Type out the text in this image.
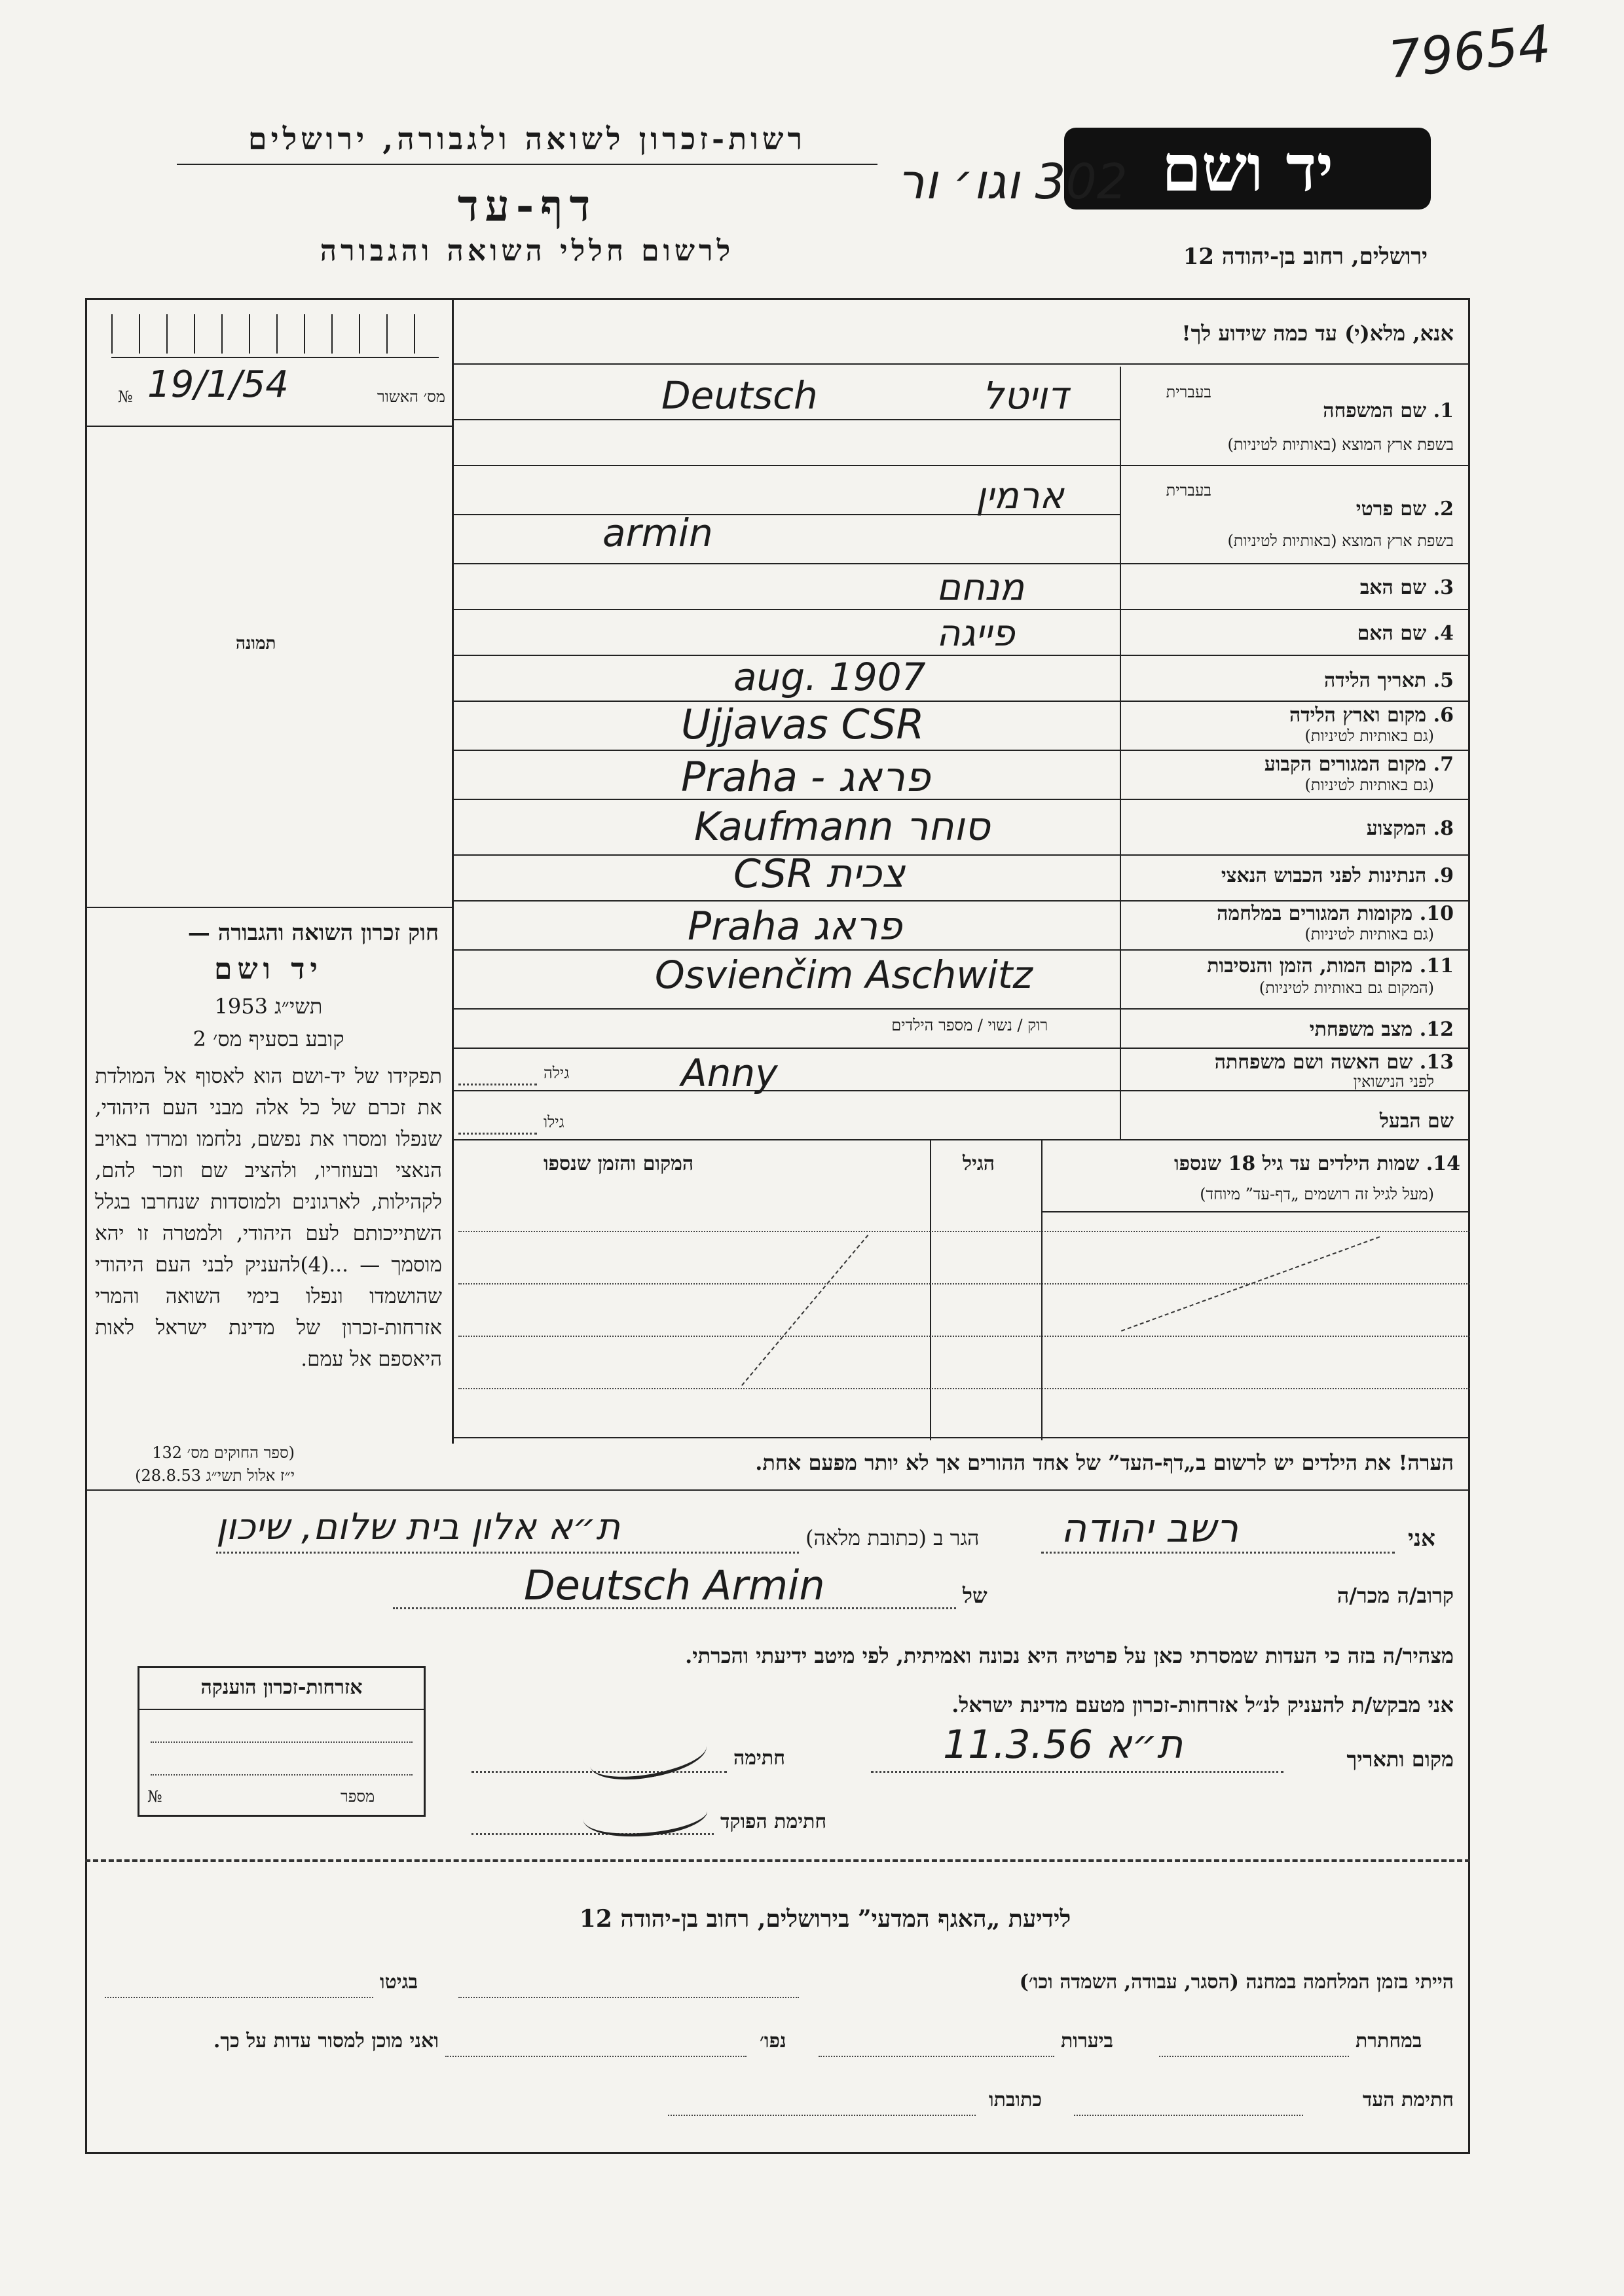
79654
יד ושם
302 וגו׳ ור
רשות-זכרון לשואה ולגבורה, ירושלים
דף-עד
לרשום חללי השואה והגבורה	ירושלים, רחוב בן-יהודה 12
אנא, מלא(י) עד כמה שידוע לך!
מס׳ האשור
№ 19/1/54
תמונה
בעברית
1. שם המשפחה
בשפת ארץ המוצא (באותיות לטיניות)
דויטל
Deutsch
בעברית
2. שם פרטי
בשפת ארץ המוצא (באותיות לטיניות)
ארמין
armin
3. שם האב
מנחם
4. שם האם
פייגה
5. תאריך הלידה
aug. 1907
6. מקום וארץ הלידה
(גם באותיות לטיניות)
Ujjavas CSR
7. מקום המגורים הקבוע
(גם באותיות לטיניות)
Praha - פראג
8. המקצוע
Kaufmann סוחר
9. הנתינות לפני הכבוש הנאצי
CSR צכית
10. מקומות המגורים במלחמה
(גם באותיות לטיניות)
Praha פראג
11. מקום המות, הזמן והנסיבות
(המקום גם באותיות לטיניות)
Osvienčim Aschwitz
12. מצב משפחתי
רוק / נשוי / מספר הילדים
13. שם האשה ושם משפחתה
לפני הנישואין
גילה	Anny
שם הבעל
גילו
14. שמות הילדים עד גיל 18 שנספו
(מעל לגיל זה רושמים „דף-עד” מיוחד)
הגיל
המקום והזמן שנספו
הערה! את הילדים יש לרשום ב„דף-העד” של אחד ההורים אך לא יותר מפעם אחת.
חוק זכרון השואה והגבורה —
יד ושם
תשי״ג 1953
קובע בסעיף מס׳ 2
תפקידו של יד-ושם הוא לאסוף אל המולדת את זכרם של כל אלה מבני העם היהודי, שנפלו ומסרו את נפשם, נלחמו ומרדו באויב הנאצי ובעוזריו, ולהציב שם וזכר להם, לקהילות, לארגונים ולמוסדות שנחרבו בגלל השתייכותם לעם היהודי, ולמטרה זו יהא מוסמך — ...(4)להעניק לבני העם היהודי שהושמדו ונפלו בימי השואה והמרי אזרחות-זכרון של מדינת ישראל לאות היאספם אל עמם.
(ספר החוקים מס׳ 132
י״ז אלול תשי״ג 28.8.53)
אני
רשב יהודה
הגר ב (כתובת מלאה)
ת״א אלון בית שלום, שיכון
קרוב/ה מכר/ה
של
Deutsch Armin
מצהיר/ה בזה כי העדות שמסרתי כאן על פרטיה היא נכונה ואמיתית, לפי מיטב ידיעתי והכרתי.
אני מבקש/ת להעניק לנ״ל אזרחות-זכרון מטעם מדינת ישראל.
מקום ותאריך
ת״א 11.3.56
חתימה
חתימת הפוקד
אזרחות-זכרון הוענקה
מספר
№
לידיעת „האגף המדעי” בירושלים, רחוב בן-יהודה 12
הייתי בזמן המלחמה במחנה (הסגר, עבודה, השמדה וכו׳)
בגיטו
במחתרת
ביערות
נפו׳
ואני מוכן למסור עדות על כך.
חתימת העד
כתובתו
